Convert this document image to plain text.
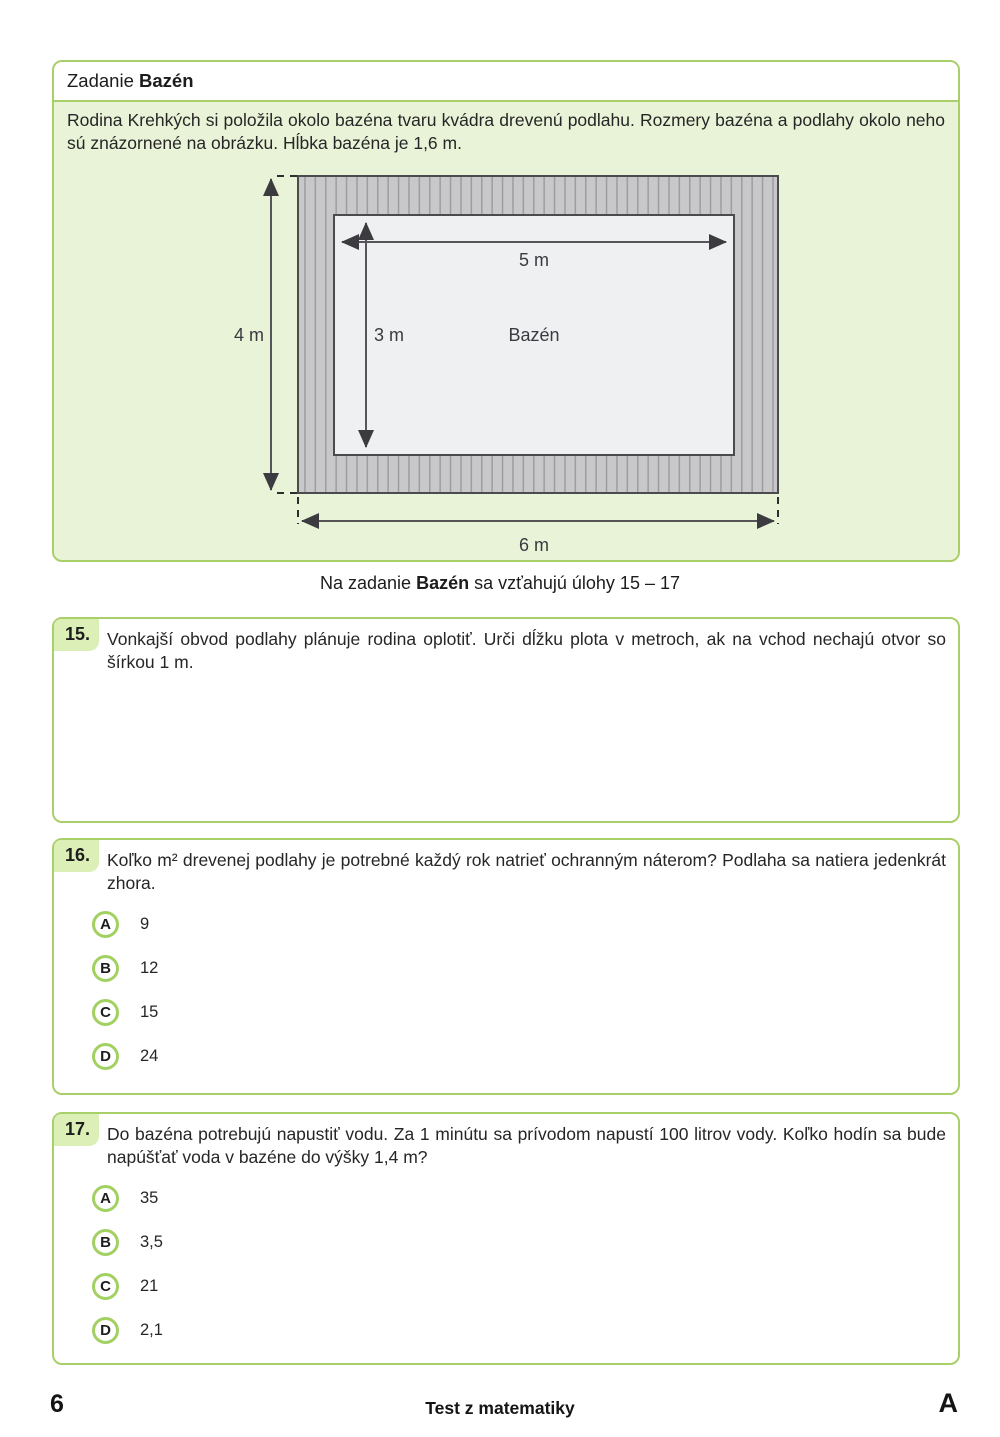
Zadanie Bazén

Rodina Krehkých si položila okolo bazéna tvaru kvádra drevenú podlahu. Rozmery bazéna a podlahy okolo neho sú znázornené na obrázku. Hĺbka bazéna je 1,6 m.

5 m
3 m	Bazén
4 m
6 m

Na zadanie Bazén sa vzťahujú úlohy 15 – 17

15. Vonkajší obvod podlahy plánuje rodina oplotiť. Urči dĺžku plota v metroch, ak na vchod nechajú otvor so šírkou 1 m.

16. Koľko m² drevenej podlahy je potrebné každý rok natrieť ochranným náterom? Podlaha sa natiera jedenkrát zhora.

A	9
B	12
C	15
D	24
17. Do bazéna potrebujú napustiť vodu. Za 1 minútu sa prívodom napustí 100 litrov vody. Koľko hodín sa bude napúšťať voda v bazéne do výšky 1,4 m?

A	35
B	3,5
C	21
D	2,1
6	Test z matematiky	A
